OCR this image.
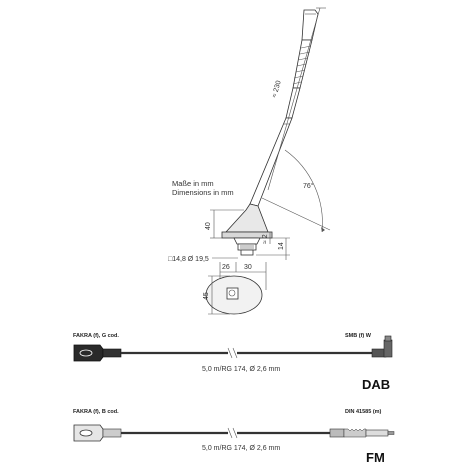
≈ 230
76°
Maße in mm
Dimensions in mm
40
≈ 2
14
□14,8 Ø 19,5
26 30
45
FAKRA (f), G cod.	SMB (f) W
5,0 m/RG 174, Ø 2,6 mm
DAB
FAKRA (f), B cod.	DIN 41585 (m)
5,0 m/RG 174, Ø 2,6 mm
FM
